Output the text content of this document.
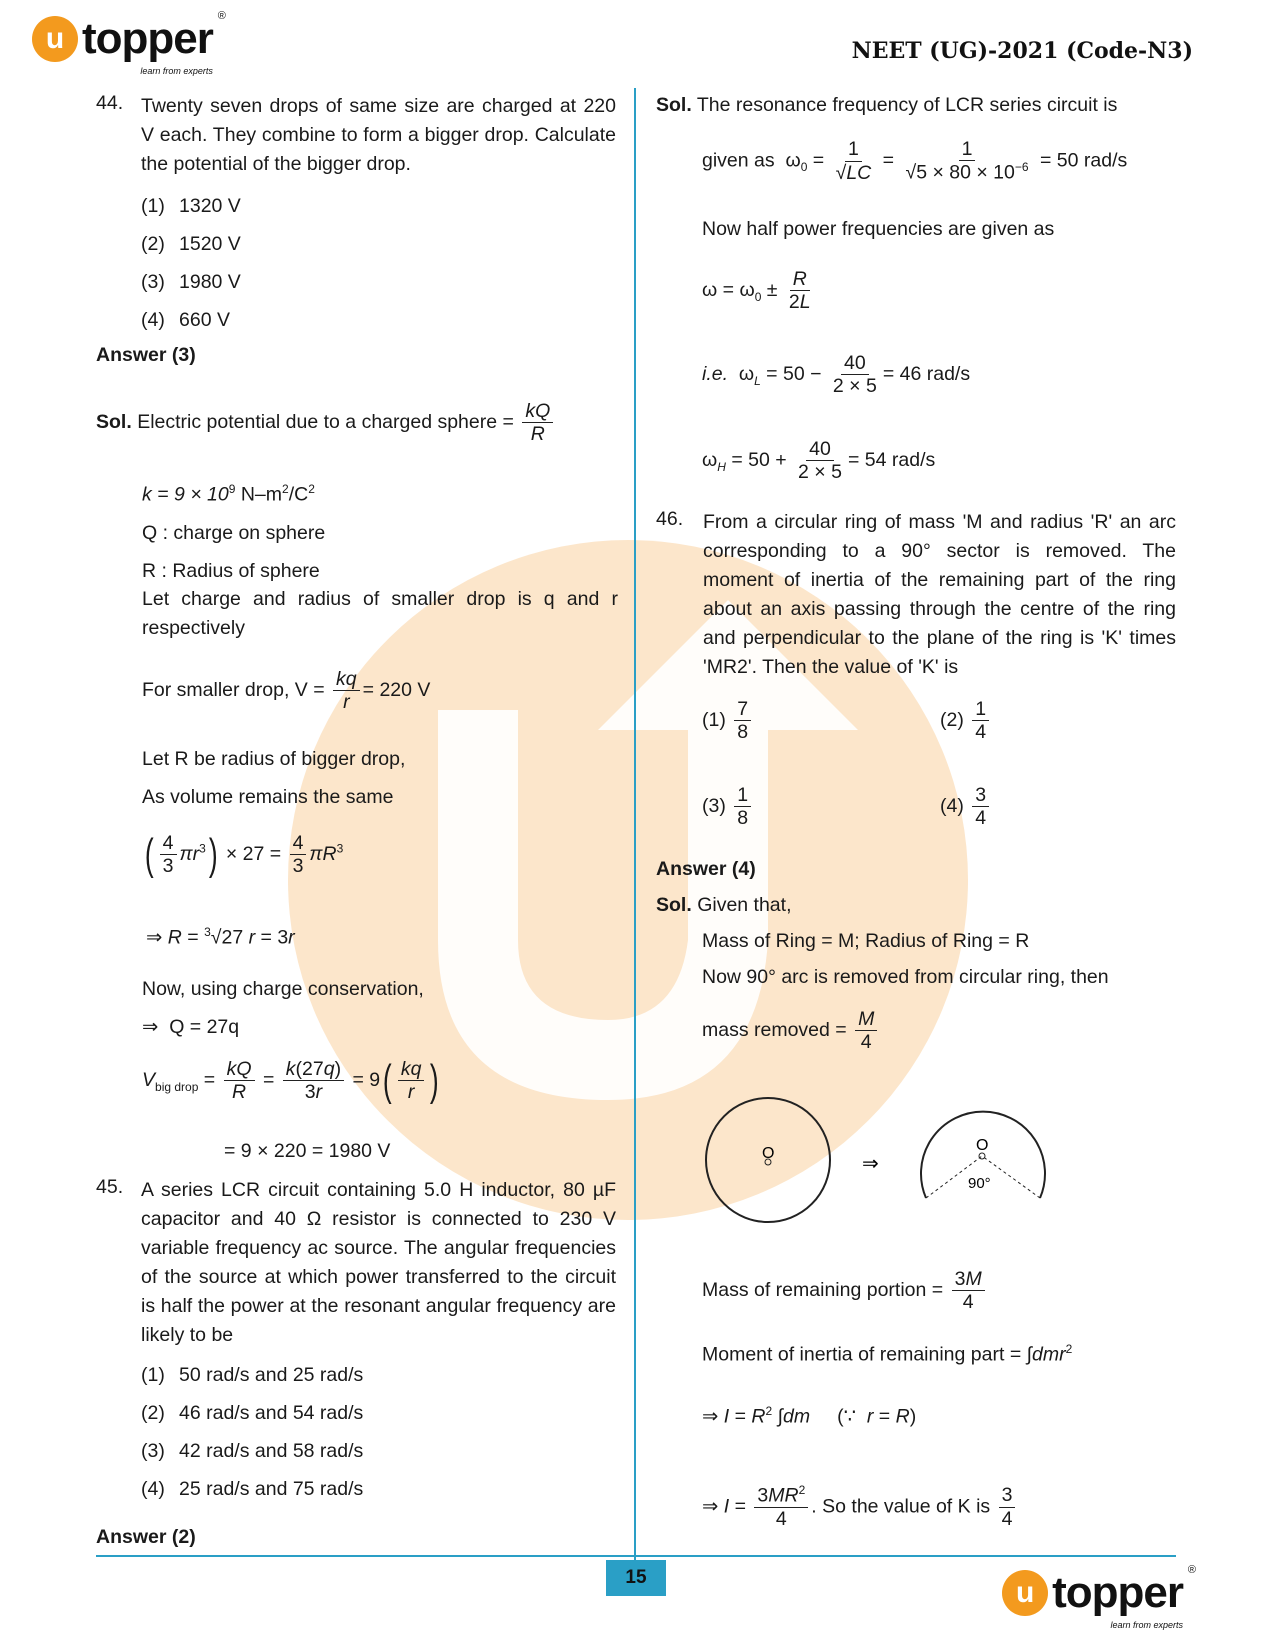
u topper ®
learn from experts
NEET (UG)-2021 (Code-N3)
44. Twenty seven drops of same size are charged at 220 V each. They combine to form a bigger drop. Calculate the potential of the bigger drop.

(1) 1320 V
(2) 1520 V
(3) 1980 V
(4) 660 V
Answer (3)
Sol. Electric potential due to a charged sphere = $\frac{kQ}{R}$
$k = 9 \times 10^9$ $N-m^2/C^2$
Q : charge on sphere
R : Radius of sphere

Let charge and radius of smaller drop is q and r respectively

For smaller drop, $V = \frac{kq}{r} = 220$ V
Let R be radius of bigger drop,
As volume remains the same
( $\frac{4}{3} \pi r^3) \times 27 = \frac{4}{3} \pi R^3$
⇒ R = $^3$√27 r = 3r
Now, using charge conservation,
⇒  Q = 27q
$V_{big drop} = \frac{kQ}{R} = \frac{k(27q)}{3r} = 9( \frac{kq}{r}$ )
= 9 × 220 = 1980 V
45. A series LCR circuit containing 5.0 H inductor, 80 µF capacitor and 40 Ω resistor is connected to 230 V variable frequency ac source. The angular frequencies of the source at which power transferred to the circuit is half the power at the resonant angular frequency are likely to be

(1) 50 rad/s and 25 rad/s
(2) 46 rad/s and 54 rad/s
(3) 42 rad/s and 58 rad/s
(4) 25 rad/s and 75 rad/s
Answer (2)
Sol. The resonance frequency of LCR series circuit is
given as  $\omega_0 = \frac{1}{√LC} = \frac{1}{√5 \times 80 \times 10^{-6}} = 50$ rad/s
Now half power frequencies are given as
$\omega = \omega_0 \pm \frac{R}{2L}$
i.e.  $\omega_L = 50 - \frac{40}{2 \times 5} = 46$ rad/s
$\omega_H = 50 + \frac{40}{2 \times 5} = 54$ rad/s
46.	From a circular ring of mass 'M and radius 'R' an arc corresponding to a 90° sector is removed. The moment of inertia of the remaining part of the ring about an axis passing through the centre of the ring and perpendicular to the plane of the ring is 'K' times 'MR2'. Then the value of 'K' is

$(1) \frac{7}{8}$	$(2) \frac{1}{4}$
$(3) \frac{1}{8}$	$(4) \frac{3}{4}$
Answer (4)
Sol. Given that,
Mass of Ring = M; Radius of Ring = R

Now 90° arc is removed from circular ring, then

mass removed = $\frac{M}{4}$
O	⇒
O
90°
Mass of remaining portion = $\frac{3M}{4}$
Moment of inertia of remaining part = ∫dmr$^2$
⇒ $I = R^2$ ∫dm     (∵  r = R)
⇒ $I = \frac{3MR^2}{4}$ . So the value of K is $\frac{3}{4}$
15	u topper ®
learn from experts
